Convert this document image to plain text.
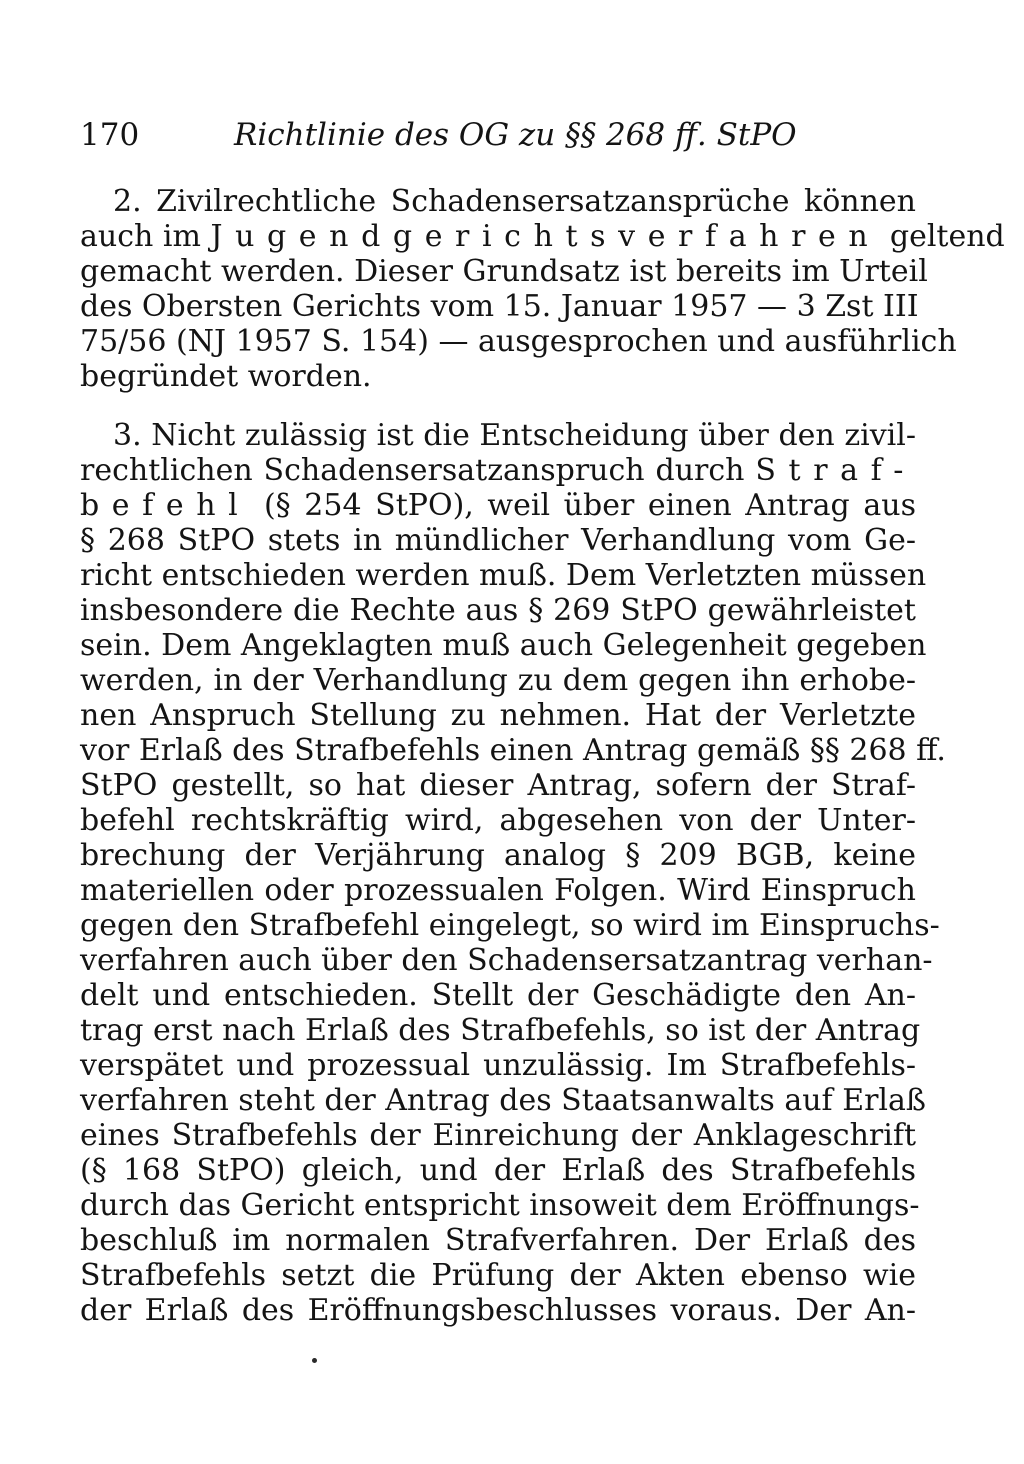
170	Richtlinie des OG zu §§ 268 ff. StPO
2. Zivilrechtliche Schadensersatzansprüche können
auch im Jugendgerichtsverfahren geltend
gemacht werden. Dieser Grundsatz ist bereits im Urteil
des Obersten Gerichts vom 15. Januar 1957 — 3 Zst III
75/56 (NJ 1957 S. 154) — ausgesprochen und ausführlich
begründet worden.
3. Nicht zulässig ist die Entscheidung über den zivil-
rechtlichen Schadensersatzanspruch durch Straf-
befehl (§ 254 StPO), weil über einen Antrag aus
§ 268 StPO stets in mündlicher Verhandlung vom Ge-
richt entschieden werden muß. Dem Verletzten müssen
insbesondere die Rechte aus § 269 StPO gewährleistet
sein. Dem Angeklagten muß auch Gelegenheit gegeben
werden, in der Verhandlung zu dem gegen ihn erhobe-
nen Anspruch Stellung zu nehmen. Hat der Verletzte
vor Erlaß des Strafbefehls einen Antrag gemäß §§ 268 ff.
StPO gestellt, so hat dieser Antrag, sofern der Straf-
befehl rechtskräftig wird, abgesehen von der Unter-
brechung der Verjährung analog § 209 BGB, keine
materiellen oder prozessualen Folgen. Wird Einspruch
gegen den Strafbefehl eingelegt, so wird im Einspruchs-
verfahren auch über den Schadensersatzantrag verhan-
delt und entschieden. Stellt der Geschädigte den An-
trag erst nach Erlaß des Strafbefehls, so ist der Antrag
verspätet und prozessual unzulässig. Im Strafbefehls-
verfahren steht der Antrag des Staatsanwalts auf Erlaß
eines Strafbefehls der Einreichung der Anklageschrift
(§ 168 StPO) gleich, und der Erlaß des Strafbefehls
durch das Gericht entspricht insoweit dem Eröffnungs-
beschluß im normalen Strafverfahren. Der Erlaß des
Strafbefehls setzt die Prüfung der Akten ebenso wie
der Erlaß des Eröffnungsbeschlusses voraus. Der An-
